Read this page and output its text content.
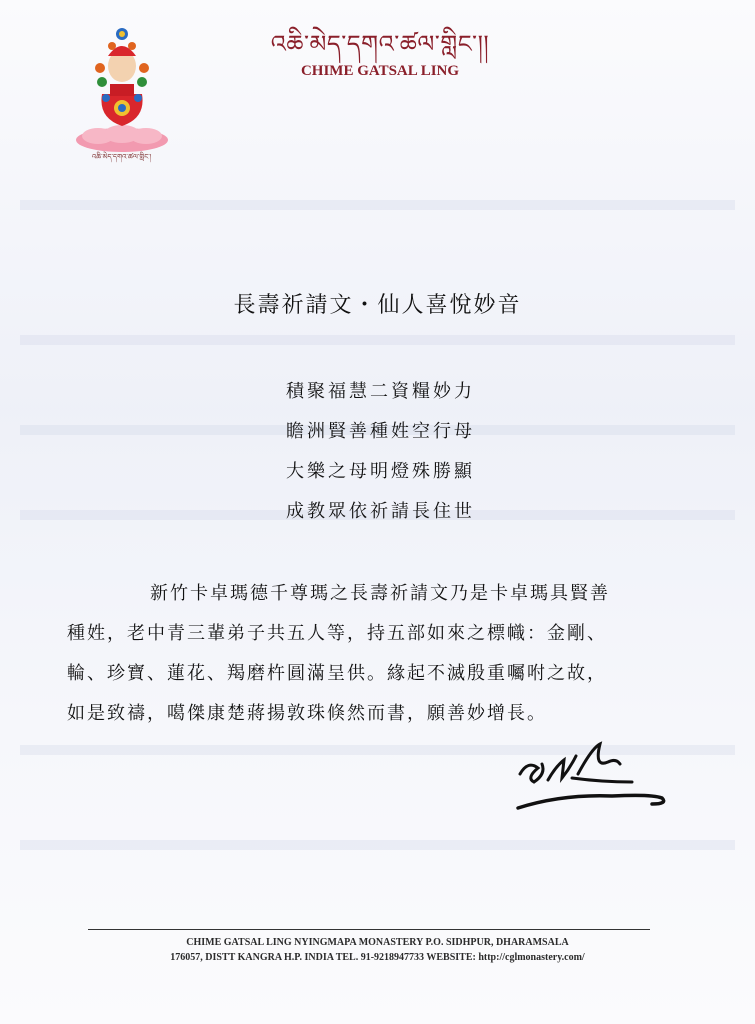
འཆི་མེད་དགའ་ཚལ་གླིང་།
འཆི་མེད་དགའ་ཚལ་གླིང་།།
CHIME GATSAL LING
長壽祈請文・仙人喜悅妙音
積聚福慧二資糧妙力
瞻洲賢善種姓空行母
大樂之母明燈殊勝顯
成教眾依祈請長住世
新竹卡卓瑪德千尊瑪之長壽祈請文乃是卡卓瑪具賢善
種姓，老中青三輩弟子共五人等，持五部如來之標幟：金剛、
輪、珍寶、蓮花、羯磨杵圓滿呈供。緣起不滅殷重囑咐之故，
如是致禱，噶傑康楚蔣揚敦珠倏然而書，願善妙增長。
CHIME GATSAL LING NYINGMAPA MONASTERY P.O. SIDHPUR, DHARAMSALA
176057, DISTT KANGRA H.P. INDIA TEL. 91-9218947733 WEBSITE: http://cglmonastery.com/
